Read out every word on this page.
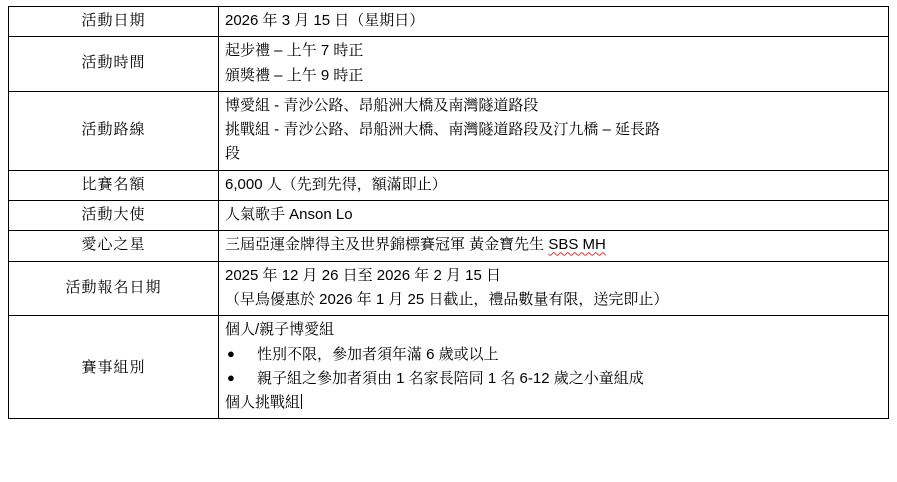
活動日期	2026 年 3 月 15 日（星期日）

活動時間	起步禮 – 上午 7 時正
頒獎禮 – 上午 9 時正

活動路線	博愛組 - 青沙公路、昂船洲大橋及南灣隧道路段
挑戰組 - 青沙公路、昂船洲大橋、南灣隧道路段及汀九橋 – 延長路
段

比賽名額	6,000 人（先到先得，額滿即止）

活動大使	人氣歌手 Anson Lo

愛心之星	三屆亞運金牌得主及世界錦標賽冠軍 黃金寶先生 SBS MH

活動報名日期	2025 年 12 月 26 日至 2026 年 2 月 15 日
（早鳥優惠於 2026 年 1 月 25 日截止，禮品數量有限，送完即止）

賽事組別	個人/親子博愛組
● 性別不限，參加者須年滿 6 歲或以上
● 親子組之參加者須由 1 名家長陪同 1 名 6-12 歲之小童組成
個人挑戰組
